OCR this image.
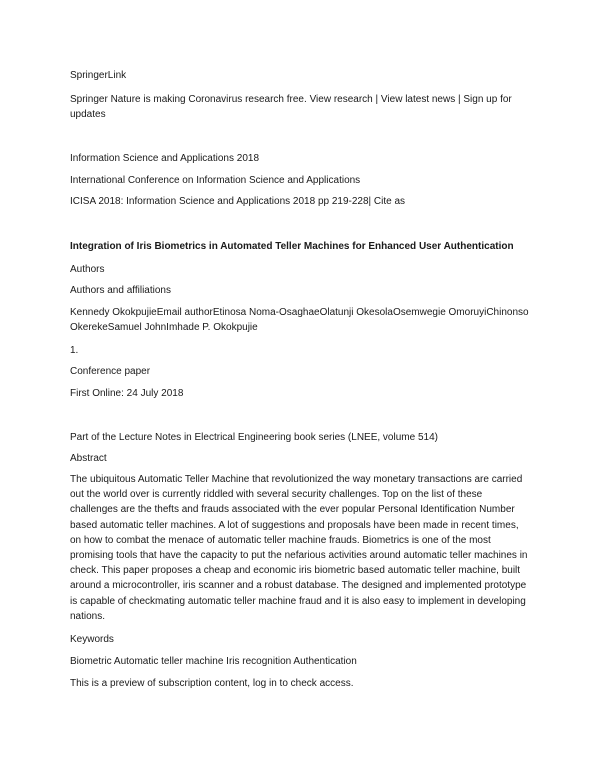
SpringerLink
Springer Nature is making Coronavirus research free. View research | View latest news | Sign up for updates
Information Science and Applications 2018
International Conference on Information Science and Applications
ICISA 2018: Information Science and Applications 2018 pp 219-228| Cite as
Integration of Iris Biometrics in Automated Teller Machines for Enhanced User Authentication
Authors
Authors and affiliations
Kennedy OkokpujieEmail authorEtinosa Noma-OsaghaeOlatunji OkesolaOsemwegie OmoruyiChinonso OkerekeSamuel JohnImhade P. Okokpujie
1.
Conference paper
First Online: 24 July 2018
Part of the Lecture Notes in Electrical Engineering book series (LNEE, volume 514)
Abstract
The ubiquitous Automatic Teller Machine that revolutionized the way monetary transactions are carried out the world over is currently riddled with several security challenges. Top on the list of these challenges are the thefts and frauds associated with the ever popular Personal Identification Number based automatic teller machines. A lot of suggestions and proposals have been made in recent times, on how to combat the menace of automatic teller machine frauds. Biometrics is one of the most promising tools that have the capacity to put the nefarious activities around automatic teller machines in check. This paper proposes a cheap and economic iris biometric based automatic teller machine, built around a microcontroller, iris scanner and a robust database. The designed and implemented prototype is capable of checkmating automatic teller machine fraud and it is also easy to implement in developing nations.
Keywords
Biometric Automatic teller machine Iris recognition Authentication
This is a preview of subscription content, log in to check access.
